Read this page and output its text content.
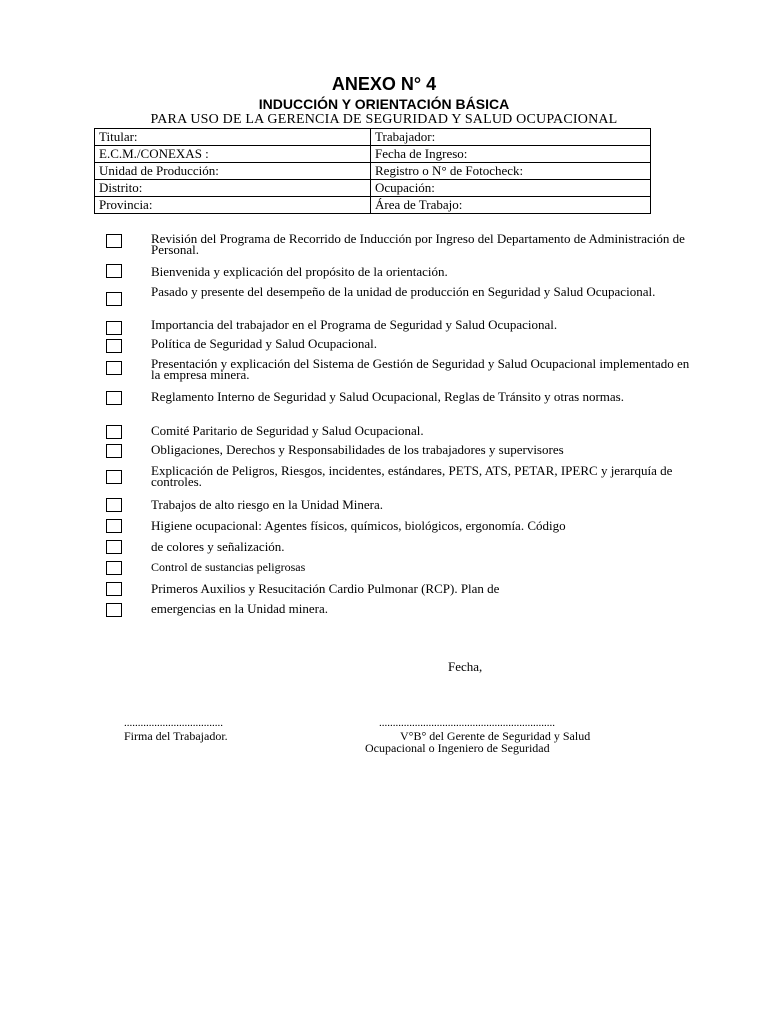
ANEXO N° 4
INDUCCIÓN Y ORIENTACIÓN BÁSICA
PARA USO DE LA GERENCIA DE SEGURIDAD Y SALUD OCUPACIONAL
Titular:	Trabajador:
E.C.M./CONEXAS :	Fecha de Ingreso:
Unidad de Producción:	Registro o N° de Fotocheck:
Distrito:	Ocupación:
Provincia:	Área de Trabajo:
Revisión del Programa de Recorrido de Inducción por Ingreso del Departamento de Administración de Personal.
Bienvenida y explicación del propósito de la orientación.
Pasado y presente del desempeño de la unidad de producción en Seguridad y Salud Ocupacional.
Importancia del trabajador en el Programa de Seguridad y Salud Ocupacional.
Política de Seguridad y Salud Ocupacional.
Presentación y explicación del Sistema de Gestión de Seguridad y Salud Ocupacional implementado en la empresa minera.
Reglamento Interno de Seguridad y Salud Ocupacional, Reglas de Tránsito y otras normas.
Comité Paritario de Seguridad y Salud Ocupacional.
Obligaciones, Derechos y Responsabilidades de los trabajadores y supervisores
Explicación de Peligros, Riesgos, incidentes, estándares, PETS, ATS, PETAR, IPERC y jerarquía de controles.
Trabajos de alto riesgo en la Unidad Minera.
Higiene ocupacional: Agentes físicos, químicos, biológicos, ergonomía. Código
de colores y señalización.
Control de sustancias peligrosas
Primeros Auxilios y Resucitación Cardio Pulmonar (RCP). Plan de
emergencias en la Unidad minera.
Fecha,
....................................
Firma del Trabajador.
................................................................
V°B° del Gerente de Seguridad y Salud
Ocupacional o Ingeniero de Seguridad
